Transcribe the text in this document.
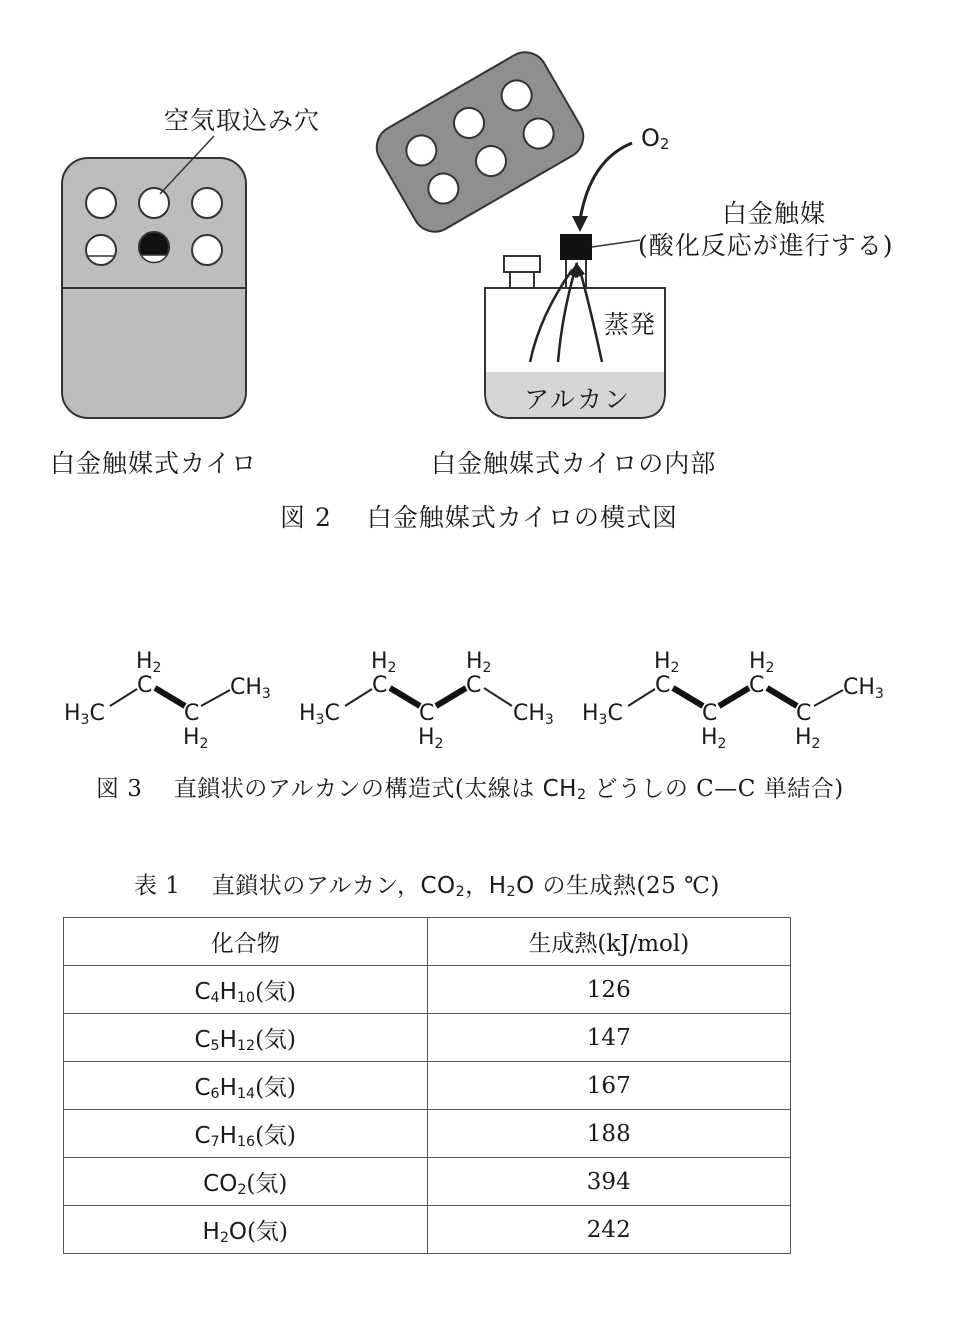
空気取込み穴
$O_2$
白金触媒
(酸化反応が進行する)
蒸発
アルカン
白金触媒式カイロ	白金触媒式カイロの内部
図 2　 白金触媒式カイロの模式図
H3C
H2
C
C
H2
CH3
H3C
H2
C
C
H2
H2
C
CH3 H3C
H2
C
C
H2
H2
C
C
H2
CH3
図 3　 直鎖状のアルカンの構造式(太線は $CH_2$ どうしの C—C 単結合)
表 1　 直鎖状のアルカン，$CO_2$，$H_2O$ の生成熱(25 ℃)
化合物	生成熱(kJ/mol)
$C_4H_{10}$(気)	126
$C_5H_{12}$(気)	147
$C_6H_{14}$(気)	167
$C_7H_{16}$(気)	188
$CO_2$(気)	394
$H_2O$(気)	242
